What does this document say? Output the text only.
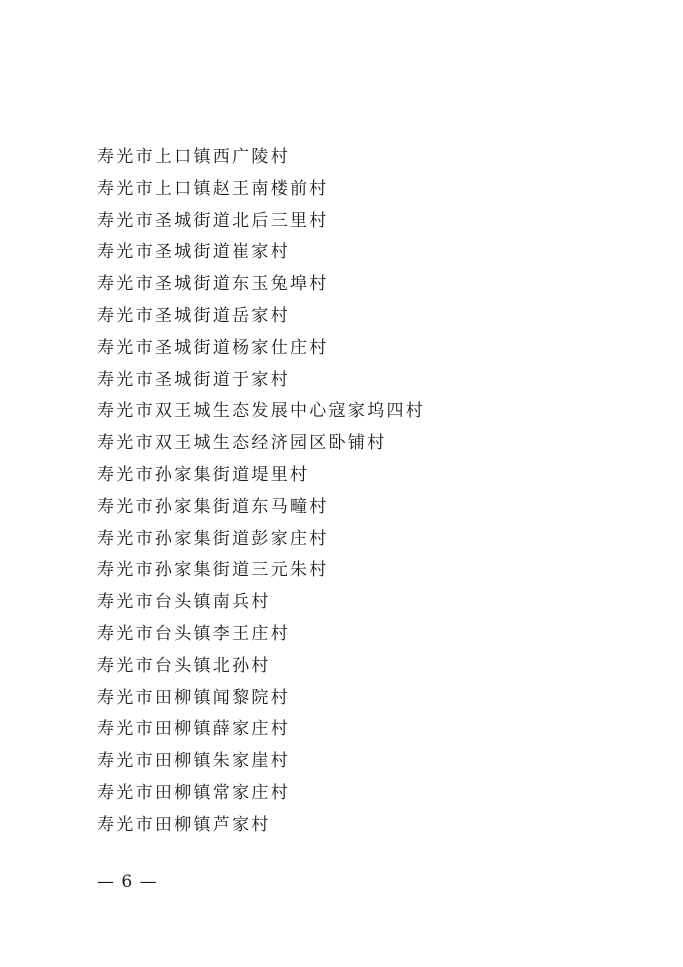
寿光市上口镇西广陵村
寿光市上口镇赵王南楼前村
寿光市圣城街道北后三里村
寿光市圣城街道崔家村
寿光市圣城街道东玉兔埠村
寿光市圣城街道岳家村
寿光市圣城街道杨家仕庄村
寿光市圣城街道于家村
寿光市双王城生态发展中心寇家坞四村
寿光市双王城生态经济园区卧铺村
寿光市孙家集街道堤里村
寿光市孙家集街道东马疃村
寿光市孙家集街道彭家庄村
寿光市孙家集街道三元朱村
寿光市台头镇南兵村
寿光市台头镇李王庄村
寿光市台头镇北孙村
寿光市田柳镇闻黎院村
寿光市田柳镇薛家庄村
寿光市田柳镇朱家崖村
寿光市田柳镇常家庄村
寿光市田柳镇芦家村
— 6 —
